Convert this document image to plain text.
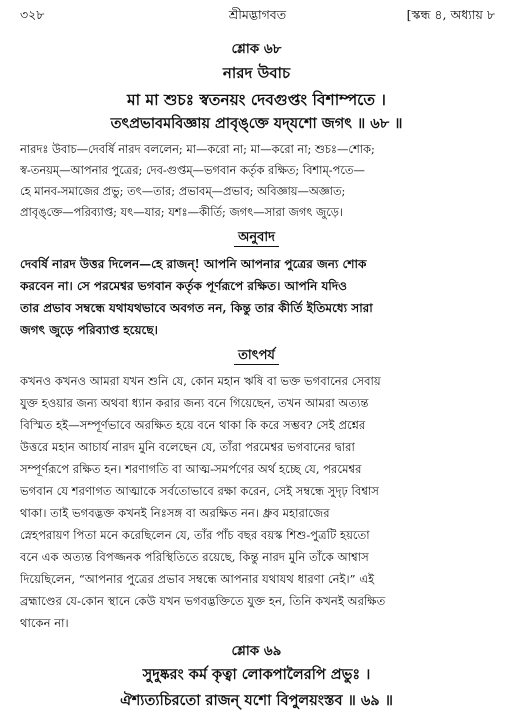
৩২৮	শ্রীমদ্ভাগবত	[স্কন্ধ ৪, অধ্যায় ৮
শ্লোক ৬৮
নারদ উবাচ
মা মা শুচঃ স্বতনয়ং দেবগুপ্তং বিশাম্পতে ।
তৎপ্রভাবমবিজ্ঞায় প্রাবৃঙ্‌ক্তে যদ্‌যশো জগৎ ॥ ৬৮ ॥
নারদঃ উবাচ—দেবর্ষি নারদ বললেন; মা—করো না; মা—করো না; শুচঃ—শোক;
স্ব-তনয়ম্—আপনার পুত্রের; দেব-গুপ্তম্—ভগবান কর্তৃক রক্ষিত; বিশাম্-পতে—
হে মানব-সমাজের প্রভু; তৎ—তার; প্রভাবম্—প্রভাব; অবিজ্ঞায়—অজ্ঞাত;
প্রাবৃঙ্‌ক্তে—পরিব্যাপ্ত; যৎ—যার; যশঃ—কীর্তি; জগৎ—সারা জগৎ জুড়ে।
অনুবাদ
দেবর্ষি নারদ উত্তর দিলেন—হে রাজন্! আপনি আপনার পুত্রের জন্য শোক
করবেন না। সে পরমেশ্বর ভগবান কর্তৃক পূর্ণরূপে রক্ষিত। আপনি যদিও
তার প্রভাব সম্বন্ধে যথাযথভাবে অবগত নন, কিন্তু তার কীর্তি ইতিমধ্যে সারা
জগৎ জুড়ে পরিব্যাপ্ত হয়েছে।
তাৎপর্য
কখনও কখনও আমরা যখন শুনি যে, কোন মহান ঋষি বা ভক্ত ভগবানের সেবায়
যুক্ত হওয়ার জন্য অথবা ধ্যান করার জন্য বনে গিয়েছেন, তখন আমরা অত্যন্ত
বিস্মিত হই—সম্পূর্ণভাবে অরক্ষিত হয়ে বনে থাকা কি করে সম্ভব? সেই প্রশ্নের
উত্তরে মহান আচার্য নারদ মুনি বলেছেন যে, তাঁরা পরমেশ্বর ভগবানের দ্বারা
সম্পূর্ণরূপে রক্ষিত হন। শরণাগতি বা আত্ম-সমর্পণের অর্থ হচ্ছে যে, পরমেশ্বর
ভগবান যে শরণাগত আত্মাকে সর্বতোভাবে রক্ষা করেন, সেই সম্বন্ধে সুদৃঢ় বিশ্বাস
থাকা। তাই ভগবদ্ভক্ত কখনই নিঃসঙ্গ বা অরক্ষিত নন। ধ্রুব মহারাজের
স্নেহপরায়ণ পিতা মনে করেছিলেন যে, তাঁর পাঁচ বছর বয়স্ক শিশু-পুত্রটি হয়তো
বনে এক অত্যন্ত বিপজ্জনক পরিস্থিতিতে রয়েছে, কিন্তু নারদ মুনি তাঁকে আশ্বাস
দিয়েছিলেন, “আপনার পুত্রের প্রভাব সম্বন্ধে আপনার যথাযথ ধারণা নেই।” এই
ব্রহ্মাণ্ডের যে-কোন স্থানে কেউ যখন ভগবদ্ভক্তিতে যুক্ত হন, তিনি কখনই অরক্ষিত
থাকেন না।
শ্লোক ৬৯
সুদুষ্করং কর্ম কৃত্বা লোকপালৈরপি প্রভুঃ ।
ঐশ্যত্যচিরতো রাজন্ যশো বিপুলয়ংস্তব ॥ ৬৯ ॥
